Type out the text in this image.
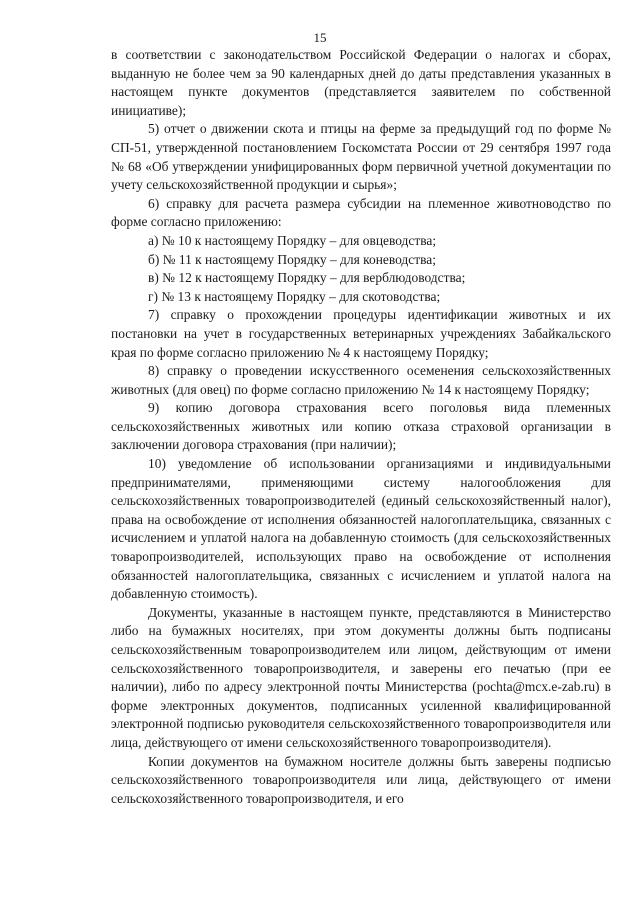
15

в соответствии с законодательством Российской Федерации о налогах и сборах, выданную не более чем за 90 календарных дней до даты представления указанных в настоящем пункте документов (представляется заявителем по собственной инициативе);

5) отчет о движении скота и птицы на ферме за предыдущий год по форме № СП-51, утвержденной постановлением Госкомстата России от 29 сентября 1997 года № 68 «Об утверждении унифицированных форм первичной учетной документации по учету сельскохозяйственной продукции и сырья»;

6) справку для расчета размера субсидии на племенное животноводство по форме согласно приложению:

а) № 10 к настоящему Порядку – для овцеводства;

б) № 11 к настоящему Порядку – для коневодства;

в) № 12 к настоящему Порядку – для верблюдоводства;

г) № 13 к настоящему Порядку – для скотоводства;

7) справку о прохождении процедуры идентификации животных и их постановки на учет в государственных ветеринарных учреждениях Забайкальского края по форме согласно приложению № 4 к настоящему Порядку;

8) справку о проведении искусственного осеменения сельскохозяйственных животных (для овец) по форме согласно приложению № 14 к настоящему Порядку;

9) копию договора страхования всего поголовья вида племенных сельскохозяйственных животных или копию отказа страховой организации в заключении договора страхования (при наличии);

10) уведомление об использовании организациями и индивидуальными предпринимателями, применяющими систему налогообложения для сельскохозяйственных товаропроизводителей (единый сельскохозяйственный налог), права на освобождение от исполнения обязанностей налогоплательщика, связанных с исчислением и уплатой налога на добавленную стоимость (для сельскохозяйственных товаропроизводителей, использующих право на освобождение от исполнения обязанностей налогоплательщика, связанных с исчислением и уплатой налога на добавленную стоимость).

Документы, указанные в настоящем пункте, представляются в Министерство либо на бумажных носителях, при этом документы должны быть подписаны сельскохозяйственным товаропроизводителем или лицом, действующим от имени сельскохозяйственного товаропроизводителя, и заверены его печатью (при ее наличии), либо по адресу электронной почты Министерства (pochta@mcx.e-zab.ru) в форме электронных документов, подписанных усиленной квалифицированной электронной подписью руководителя сельскохозяйственного товаропроизводителя или лица, действующего от имени сельскохозяйственного товаропроизводителя).

Копии документов на бумажном носителе должны быть заверены подписью сельскохозяйственного товаропроизводителя или лица, действующего от имени сельскохозяйственного товаропроизводителя, и его
